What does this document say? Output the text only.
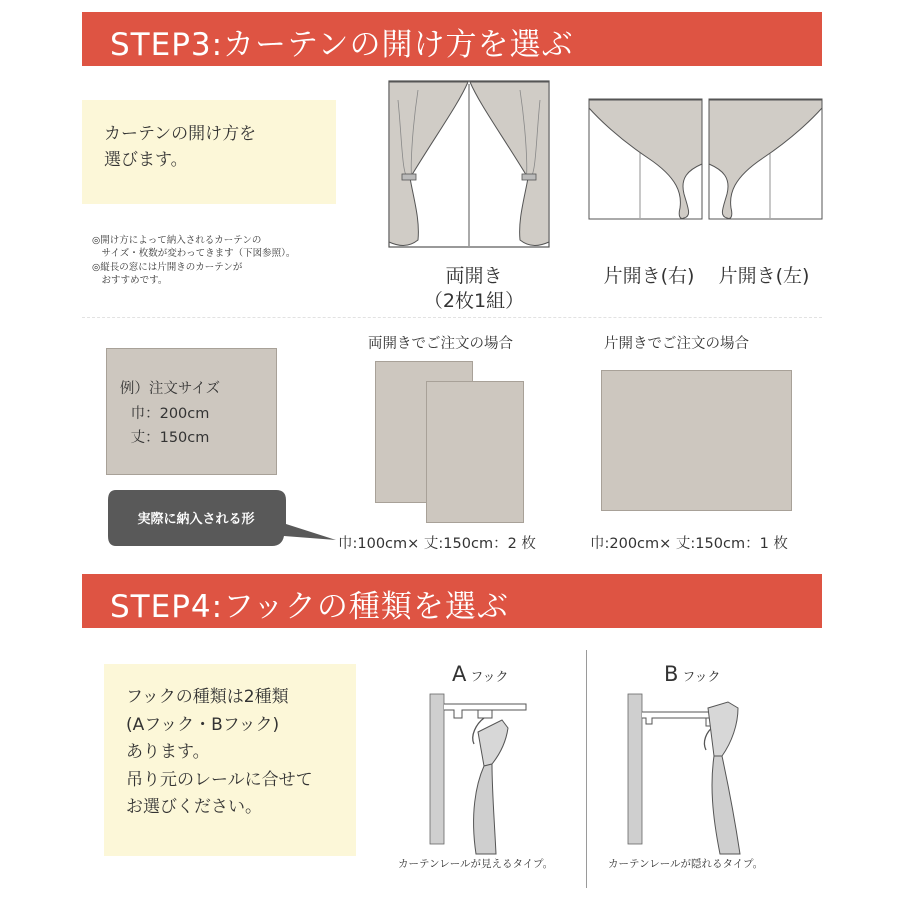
STEP3:カーテンの開け方を選ぶ
カーテンの開け方を
選びます。
◎開け方によって納入されるカーテンの
　サイズ・枚数が変わってきます（下図参照）。
◎縦長の窓には片開きのカーテンが
　おすすめです。	両開き
（2枚1組）
片開き(右)	片開き(左)
両開きでご注文の場合	片開きでご注文の場合
例）注文サイズ
巾：200cm
丈：150cm
実際に納入される形
巾:100cm× 丈:150cm：2 枚	巾:200cm× 丈:150cm：1 枚
STEP4:フックの種類を選ぶ
フックの種類は2種類
(Aフック・Bフック)
あります。
吊り元のレールに合せて
お選びください。
Aフック
カーテンレールが見えるタイプ。
Bフック
カーテンレールが隠れるタイプ。
